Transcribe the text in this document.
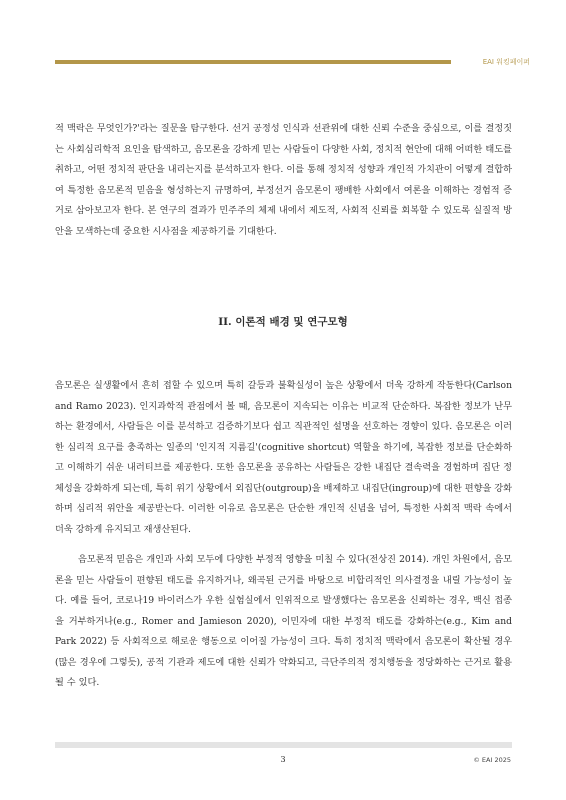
EAI 워킹페이퍼

적 맥락은 무엇인가?'라는 질문을 탐구한다. 선거 공정성 인식과 선관위에 대한 신뢰 수준을 중심으로, 이를 결정짓는 사회심리학적 요인을 탐색하고, 음모론을 강하게 믿는 사람들이 다양한 사회, 정치적 현안에 대해 어떠한 태도를 취하고, 어떤 정치적 판단을 내리는지를 분석하고자 한다. 이를 통해 정치적 성향과 개인적 가치관이 어떻게 결합하여 특정한 음모론적 믿음을 형성하는지 규명하여, 부정선거 음모론이 팽배한 사회에서 여론을 이해하는 경험적 증거로 삼아보고자 한다. 본 연구의 결과가 민주주의 체제 내에서 제도적, 사회적 신뢰를 회복할 수 있도록 실질적 방안을 모색하는데 중요한 시사점을 제공하기를 기대한다.

II. 이론적 배경 및 연구모형

음모론은 실생활에서 흔히 접할 수 있으며 특히 갈등과 불확실성이 높은 상황에서 더욱 강하게 작동한다(Carlson and Ramo 2023). 인지과학적 관점에서 볼 때, 음모론이 지속되는 이유는 비교적 단순하다. 복잡한 정보가 난무하는 환경에서, 사람들은 이를 분석하고 검증하기보다 쉽고 직관적인 설명을 선호하는 경향이 있다. 음모론은 이러한 심리적 요구를 충족하는 일종의 '인지적 지름길'(cognitive shortcut) 역할을 하기에, 복잡한 정보를 단순화하고 이해하기 쉬운 내러티브를 제공한다. 또한 음모론을 공유하는 사람들은 강한 내집단 결속력을 경험하며 집단 정체성을 강화하게 되는데, 특히 위기 상황에서 외집단(outgroup)을 배제하고 내집단(ingroup)에 대한 편향을 강화하며 심리적 위안을 제공받는다. 이러한 이유로 음모론은 단순한 개인적 신념을 넘어, 특정한 사회적 맥락 속에서 더욱 강하게 유지되고 재생산된다.

음모론적 믿음은 개인과 사회 모두에 다양한 부정적 영향을 미칠 수 있다(전상진 2014). 개인 차원에서, 음모론을 믿는 사람들이 편향된 태도를 유지하거나, 왜곡된 근거를 바탕으로 비합리적인 의사결정을 내릴 가능성이 높다. 예를 들어, 코로나19 바이러스가 우한 실험실에서 인위적으로 발생했다는 음모론을 신뢰하는 경우, 백신 접종을 거부하거나(e.g., Romer and Jamieson 2020), 이민자에 대한 부정적 태도를 강화하는(e.g., Kim and Park 2022) 등 사회적으로 해로운 행동으로 이어질 가능성이 크다. 특히 정치적 맥락에서 음모론이 확산될 경우(많은 경우에 그렇듯), 공적 기관과 제도에 대한 신뢰가 약화되고, 극단주의적 정치행동을 정당화하는 근거로 활용될 수 있다.

3	© EAI 2025
